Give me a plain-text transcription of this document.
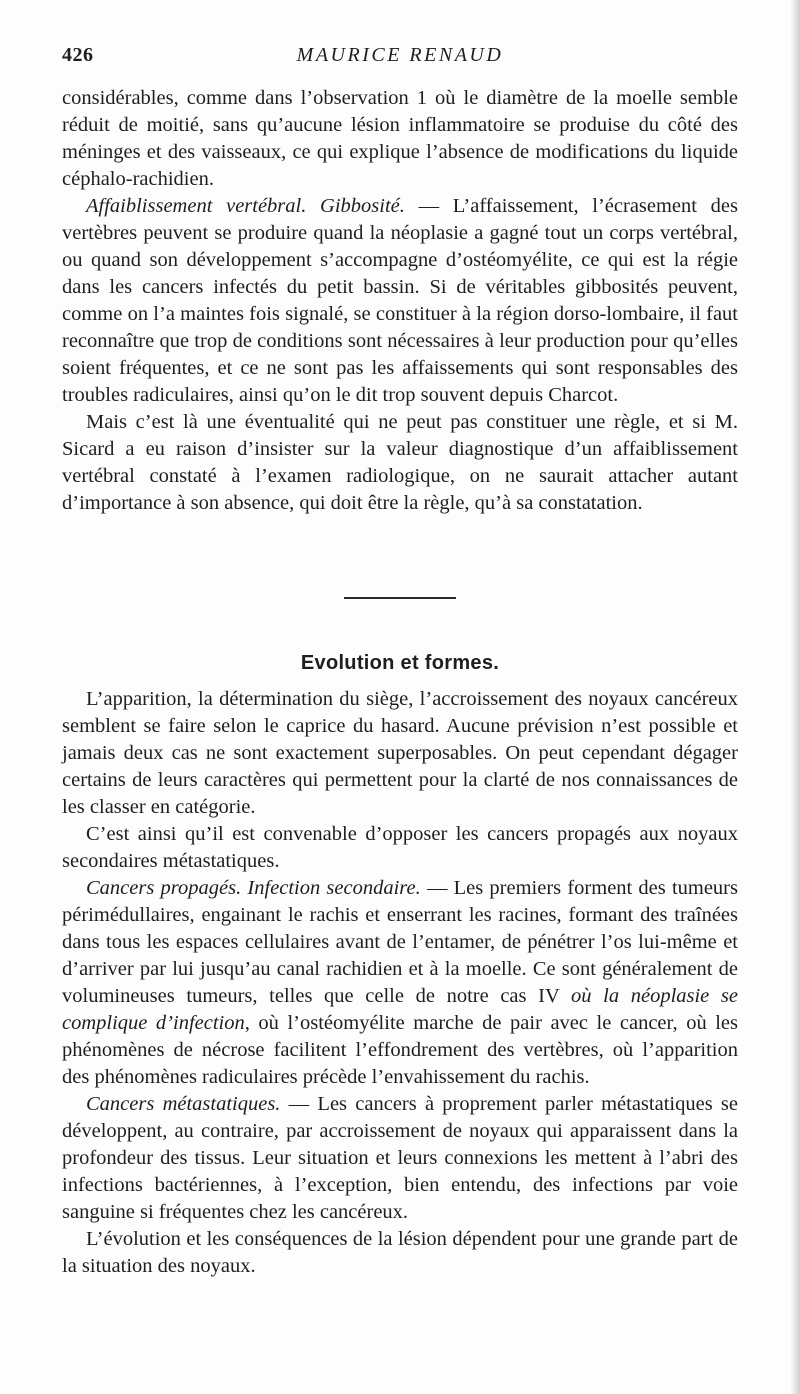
426	MAURICE RENAUD

considérables, comme dans l’observation 1 où le diamètre de la moelle semble réduit de moitié, sans qu’aucune lésion inflammatoire se produise du côté des méninges et des vaisseaux, ce qui explique l’absence de modifications du liquide céphalo-rachidien.

Affaiblissement vertébral. Gibbosité. — L’affaissement, l’écrasement des vertèbres peuvent se produire quand la néoplasie a gagné tout un corps vertébral, ou quand son développement s’accompagne d’ostéomyélite, ce qui est la régie dans les cancers infectés du petit bassin. Si de véritables gibbosités peuvent, comme on l’a maintes fois signalé, se constituer à la région dorso-lombaire, il faut reconnaître que trop de conditions sont nécessaires à leur production pour qu’elles soient fréquentes, et ce ne sont pas les affaissements qui sont responsables des troubles radiculaires, ainsi qu’on le dit trop souvent depuis Charcot.

Mais c’est là une éventualité qui ne peut pas constituer une règle, et si M. Sicard a eu raison d’insister sur la valeur diagnostique d’un affaiblissement vertébral constaté à l’examen radiologique, on ne saurait attacher autant d’importance à son absence, qui doit être la règle, qu’à sa constatation.

Evolution et formes.

L’apparition, la détermination du siège, l’accroissement des noyaux cancéreux semblent se faire selon le caprice du hasard. Aucune prévision n’est possible et jamais deux cas ne sont exactement superposables. On peut cependant dégager certains de leurs caractères qui permettent pour la clarté de nos connaissances de les classer en catégorie.

C’est ainsi qu’il est convenable d’opposer les cancers propagés aux noyaux secondaires métastatiques.

Cancers propagés. Infection secondaire. — Les premiers forment des tumeurs périmédullaires, engainant le rachis et enserrant les racines, formant des traînées dans tous les espaces cellulaires avant de l’entamer, de pénétrer l’os lui-même et d’arriver par lui jusqu’au canal rachidien et à la moelle. Ce sont généralement de volumineuses tumeurs, telles que celle de notre cas IV où la néoplasie se complique d’infection, où l’ostéomyélite marche de pair avec le cancer, où les phénomènes de nécrose facilitent l’effondrement des vertèbres, où l’apparition des phénomènes radiculaires précède l’envahissement du rachis.

Cancers métastatiques. — Les cancers à proprement parler métastatiques se développent, au contraire, par accroissement de noyaux qui apparaissent dans la profondeur des tissus. Leur situation et leurs connexions les mettent à l’abri des infections bactériennes, à l’exception, bien entendu, des infections par voie sanguine si fréquentes chez les cancéreux.

L’évolution et les conséquences de la lésion dépendent pour une grande part de la situation des noyaux.
